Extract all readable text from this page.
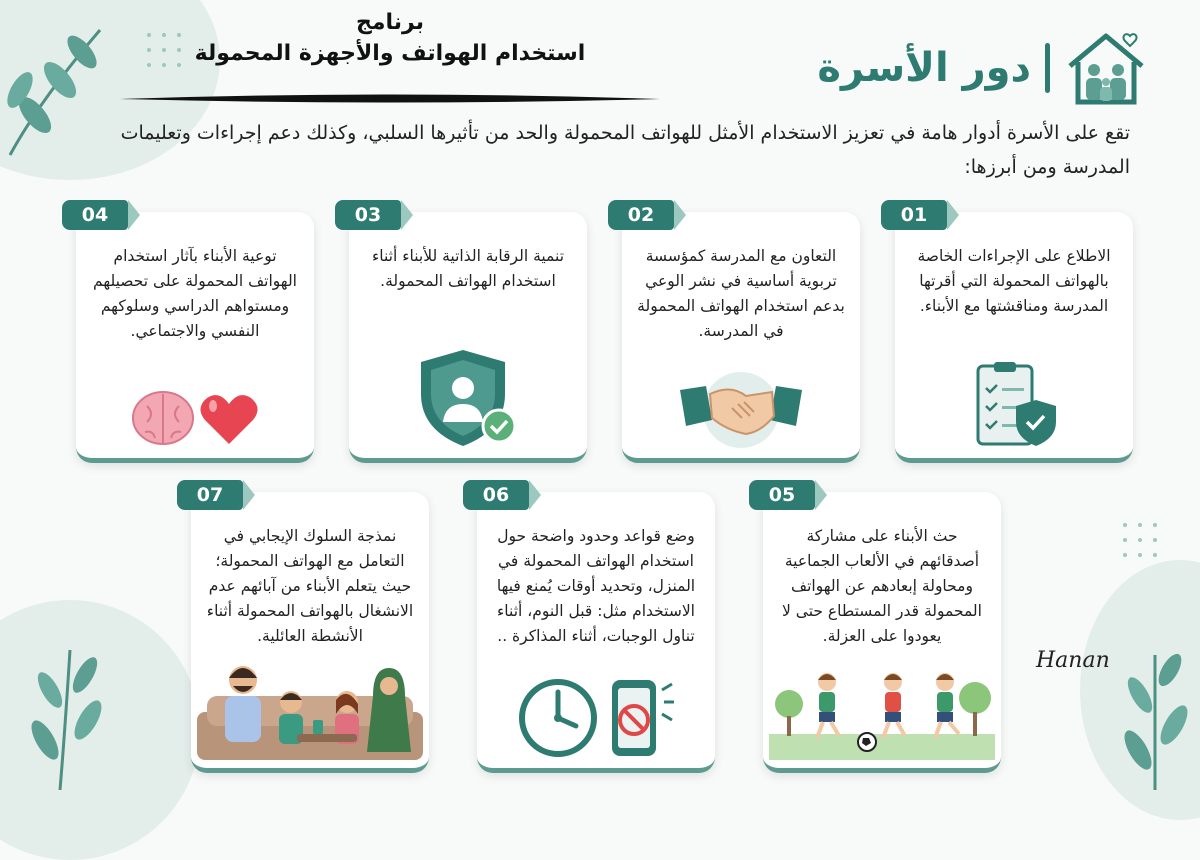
برنامج
استخدام الهواتف والأجهزة المحمولة	دور الأسرة
تقع على الأسرة أدوار هامة في تعزيز الاستخدام الأمثل للهواتف المحمولة والحد من تأثيرها السلبي، وكذلك دعم إجراءات وتعليمات المدرسة ومن أبرزها:
01
الاطلاع على الإجراءات الخاصة بالهواتف المحمولة التي أقرتها المدرسة ومناقشتها مع الأبناء.
02
التعاون مع المدرسة كمؤسسة تربوية أساسية في نشر الوعي بدعم استخدام الهواتف المحمولة في المدرسة.
03
تنمية الرقابة الذاتية للأبناء أثناء استخدام الهواتف المحمولة.
04
توعية الأبناء بآثار استخدام الهواتف المحمولة على تحصيلهم ومستواهم الدراسي وسلوكهم النفسي والاجتماعي.
05
حث الأبناء على مشاركة أصدقائهم في الألعاب الجماعية ومحاولة إبعادهم عن الهواتف المحمولة قدر المستطاع حتى لا يعودوا على العزلة.
06
وضع قواعد وحدود واضحة حول استخدام الهواتف المحمولة في المنزل، وتحديد أوقات يُمنع فيها الاستخدام مثل: قبل النوم، أثناء تناول الوجبات، أثناء المذاكرة ..
07
نمذجة السلوك الإيجابي في التعامل مع الهواتف المحمولة؛ حيث يتعلم الأبناء من آبائهم عدم الانشغال بالهواتف المحمولة أثناء الأنشطة العائلية.
Hanan
